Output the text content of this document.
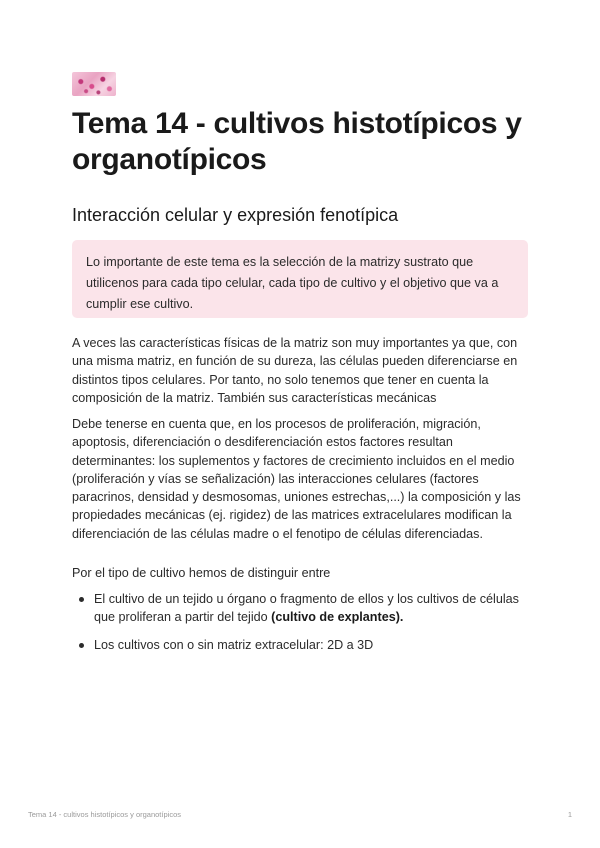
Tema 14 - cultivos histotípicos y organotípicos
Interacción celular y expresión fenotípica

Lo importante de este tema es la selección de la matrizy sustrato que utilicenos para cada tipo celular, cada tipo de cultivo y el objetivo que va a cumplir ese cultivo.

A veces las características físicas de la matriz son muy importantes ya que, con una misma matriz, en función de su dureza, las células pueden diferenciarse en distintos tipos celulares. Por tanto, no solo tenemos que tener en cuenta la composición de la matriz. También sus características mecánicas

Debe tenerse en cuenta que, en los procesos de proliferación, migración, apoptosis, diferenciación o desdiferenciación estos factores resultan determinantes: los suplementos y factores de crecimiento incluidos en el medio (proliferación y vías se señalización) las interacciones celulares (factores paracrinos, densidad y desmosomas, uniones estrechas,...) la composición y las propiedades mecánicas (ej. rigidez) de las matrices extracelulares modifican la diferenciación de las células madre o el fenotipo de células diferenciadas.

Por el tipo de cultivo hemos de distinguir entre

El cultivo de un tejido u órgano o fragmento de ellos y los cultivos de células que proliferan a partir del tejido (cultivo de explantes).
Los cultivos con o sin matriz extracelular: 2D a 3D
Tema 14 - cultivos histotípicos y organotípicos	1
